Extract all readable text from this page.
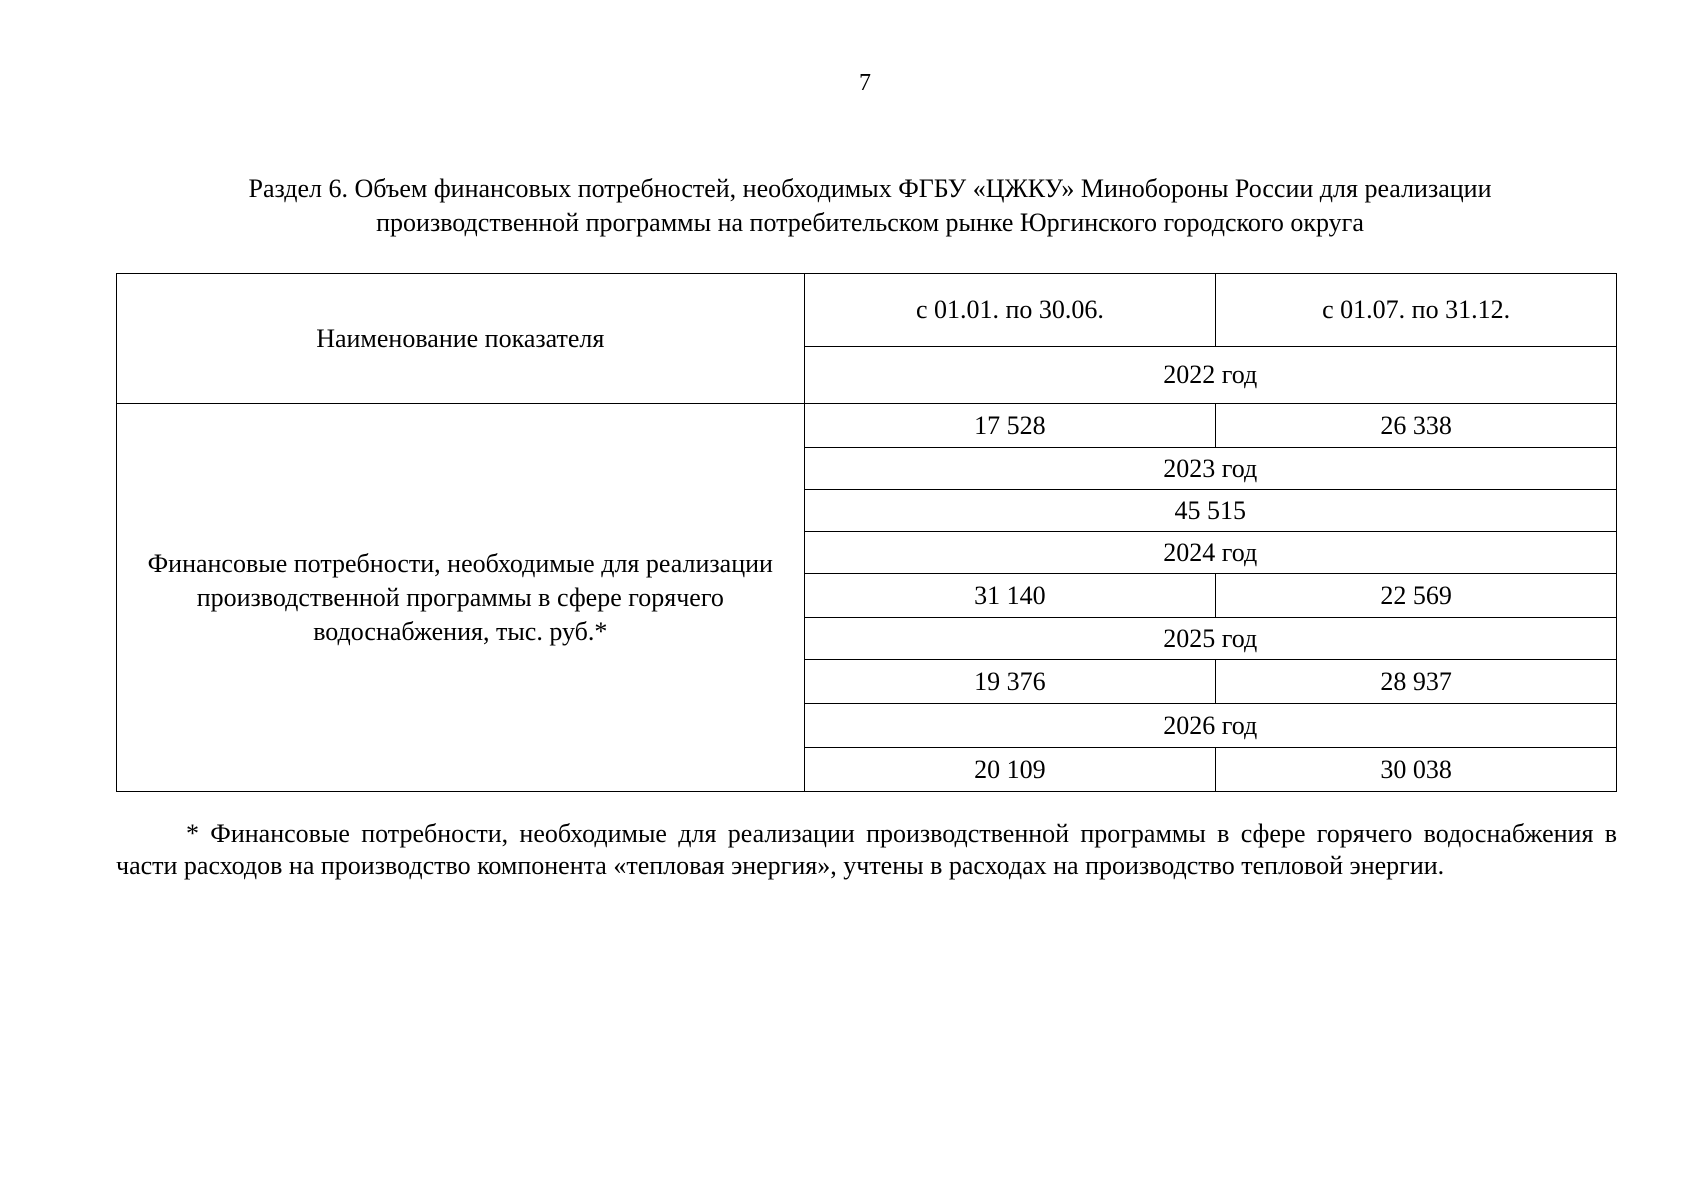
7
Раздел 6. Объем финансовых потребностей, необходимых ФГБУ «ЦЖКУ» Минобороны России для реализации
производственной программы на потребительском рынке Юргинского городского округа
Наименование показателя	с 01.01. по 30.06.	с 01.07. по 31.12.
	2022 год	
Финансовые потребности, необходимые для реализации производственной программы в сфере горячего водоснабжения, тыс. руб.*	17 528	26 338
	2023 год	
	45 515	
	2024 год	
	31 140	22 569
	2025 год	
	19 376	28 937
	2026 год	
	20 109	30 038
* Финансовые потребности, необходимые для реализации производственной программы в сфере горячего водоснабжения в части расходов на производство компонента «тепловая энергия», учтены в расходах на производство тепловой энергии.
